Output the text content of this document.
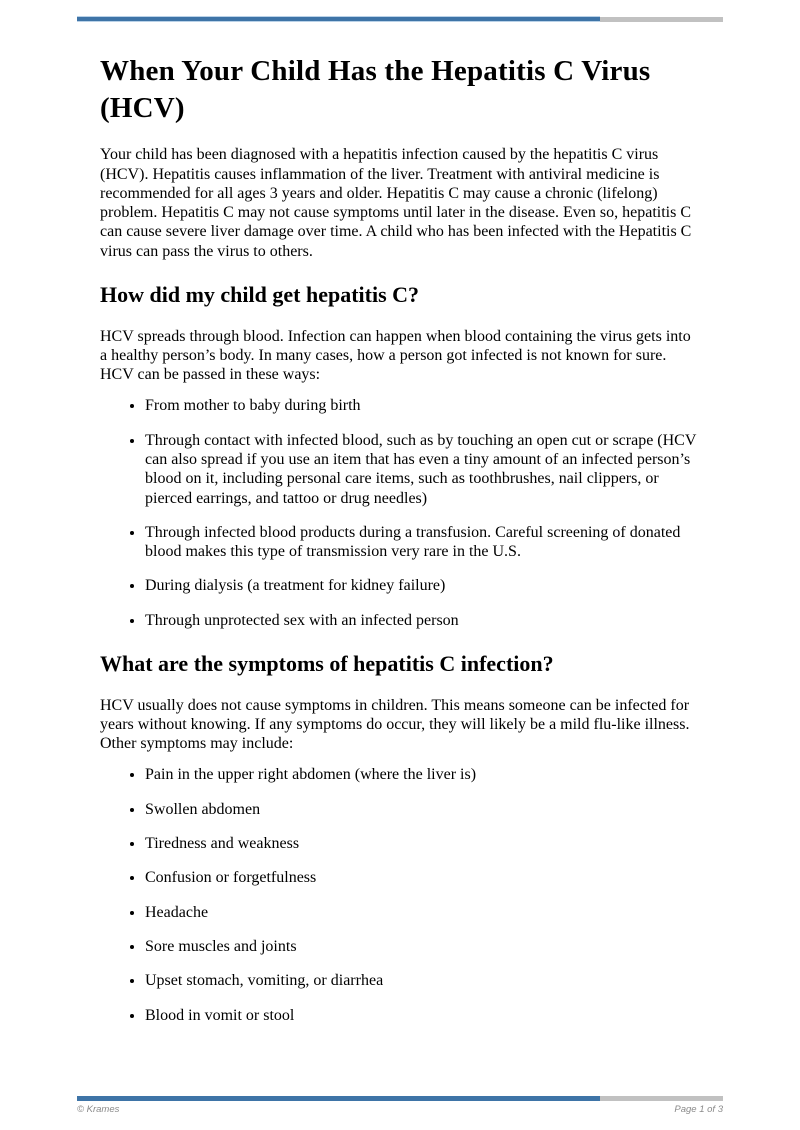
When Your Child Has the Hepatitis C Virus (HCV)

Your child has been diagnosed with a hepatitis infection caused by the hepatitis C virus (HCV). Hepatitis causes inflammation of the liver. Treatment with antiviral medicine is recommended for all ages 3 years and older. Hepatitis C may cause a chronic (lifelong) problem. Hepatitis C may not cause symptoms until later in the disease. Even so, hepatitis C can cause severe liver damage over time. A child who has been infected with the Hepatitis C virus can pass the virus to others.

How did my child get hepatitis C?

HCV spreads through blood. Infection can happen when blood containing the virus gets into a healthy person’s body. In many cases, how a person got infected is not known for sure. HCV can be passed in these ways:

• From mother to baby during birth
• Through contact with infected blood, such as by touching an open cut or scrape (HCV can also spread if you use an item that has even a tiny amount of an infected person’s blood on it, including personal care items, such as toothbrushes, nail clippers, or pierced earrings, and tattoo or drug needles)
• Through infected blood products during a transfusion. Careful screening of donated blood makes this type of transmission very rare in the U.S.
• During dialysis (a treatment for kidney failure)
• Through unprotected sex with an infected person
What are the symptoms of hepatitis C infection?

HCV usually does not cause symptoms in children. This means someone can be infected for years without knowing. If any symptoms do occur, they will likely be a mild flu-like illness. Other symptoms may include:

• Pain in the upper right abdomen (where the liver is)
• Swollen abdomen
• Tiredness and weakness
• Confusion or forgetfulness
• Headache
• Sore muscles and joints
• Upset stomach, vomiting, or diarrhea
• Blood in vomit or stool
© Krames	Page 1 of 3
